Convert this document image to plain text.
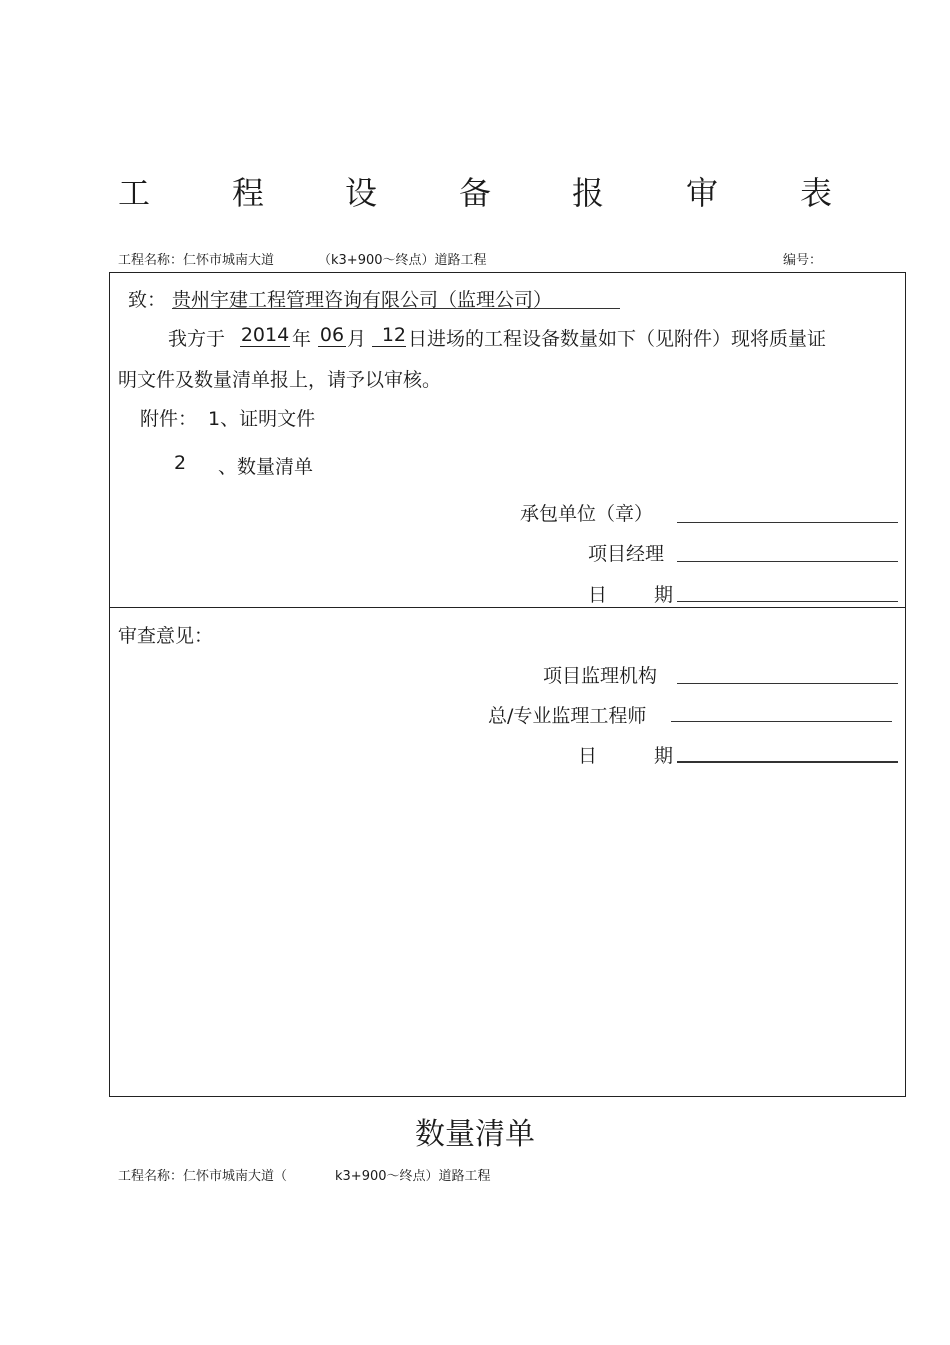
工	程	设	备	报	审	表
工程名称：仁怀市城南大道	（k3+900～终点）道路工程	编号：
致： 贵州宇建工程管理咨询有限公司（监理公司）
我方于 2014 年 06 月 12 日进场的工程设备数量如下（见附件）现将质量证
明文件及数量清单报上，请予以审核。
附件： 1、证明文件
2 、数量清单
承包单位（章）
项目经理
日 期
审查意见：
项目监理机构
总/专业监理工程师
日	期
数量清单
工程名称：仁怀市城南大道（	k3+900～终点）道路工程
